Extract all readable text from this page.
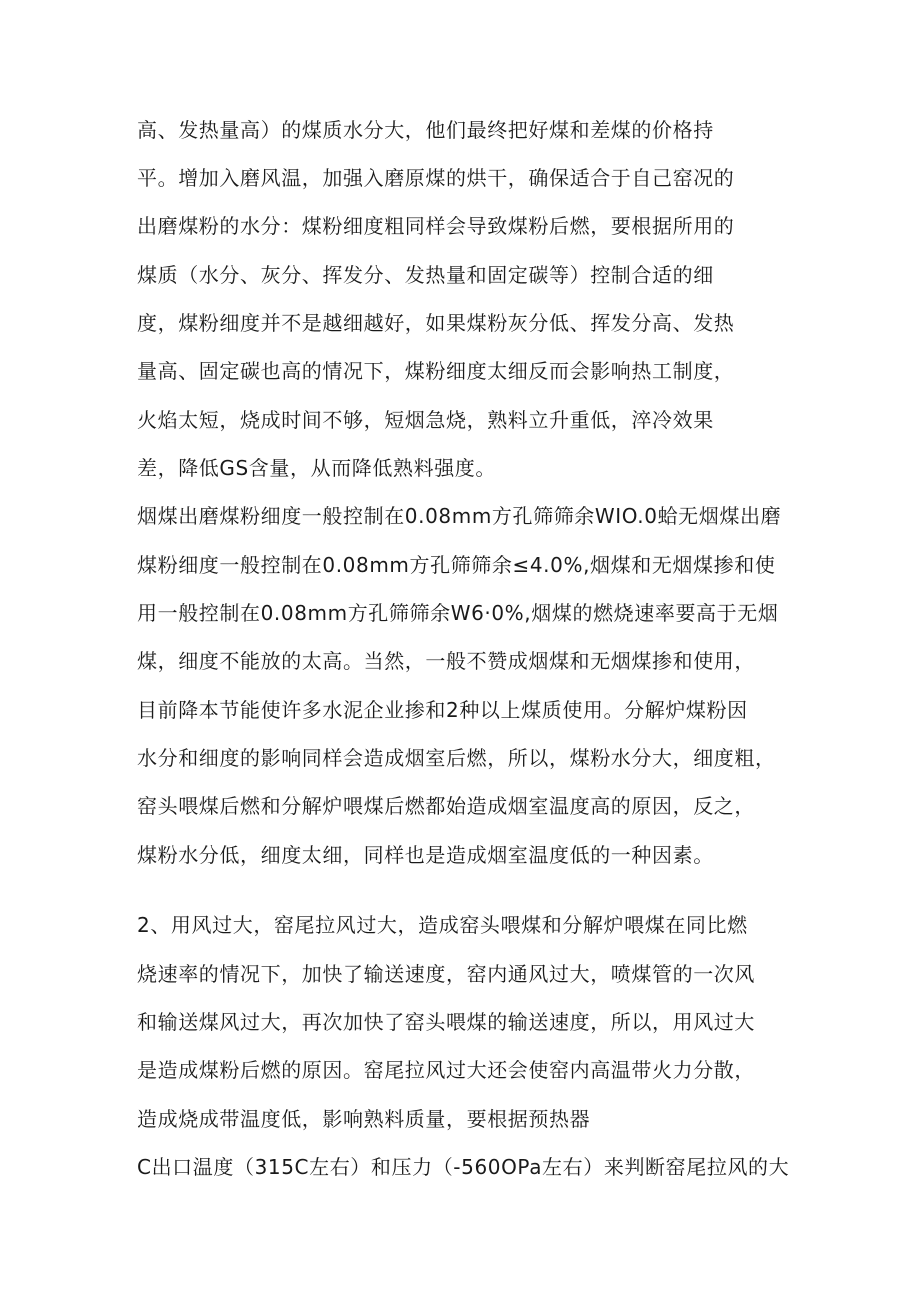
高、发热量高）的煤质水分大，他们最终把好煤和差煤的价格持
平。增加入磨风温，加强入磨原煤的烘干，确保适合于自己窑况的
出磨煤粉的水分：煤粉细度粗同样会导致煤粉后燃，要根据所用的
煤质（水分、灰分、挥发分、发热量和固定碳等）控制合适的细
度，煤粉细度并不是越细越好，如果煤粉灰分低、挥发分高、发热
量高、固定碳也高的情况下，煤粉细度太细反而会影响热工制度，
火焰太短，烧成时间不够，短烟急烧，熟料立升重低，淬冷效果
差，降低GS含量，从而降低熟料强度。
烟煤出磨煤粉细度一般控制在0.08mm方孔筛筛余WIO.0蛤无烟煤出磨
煤粉细度一般控制在0.08mm方孔筛筛余≤4.0%,烟煤和无烟煤掺和使
用一般控制在0.08mm方孔筛筛余W6·0%,烟煤的燃烧速率要高于无烟
煤，细度不能放的太高。当然，一般不赞成烟煤和无烟煤掺和使用，
目前降本节能使许多水泥企业掺和2种以上煤质使用。分解炉煤粉因
水分和细度的影响同样会造成烟室后燃，所以，煤粉水分大，细度粗，
窑头喂煤后燃和分解炉喂煤后燃都始造成烟室温度高的原因，反之，
煤粉水分低，细度太细，同样也是造成烟室温度低的一种因素。
2、用风过大，窑尾拉风过大，造成窑头喂煤和分解炉喂煤在同比燃
烧速率的情况下，加快了输送速度，窑内通风过大，喷煤管的一次风
和输送煤风过大，再次加快了窑头喂煤的输送速度，所以，用风过大
是造成煤粉后燃的原因。窑尾拉风过大还会使窑内高温带火力分散，
造成烧成带温度低，影响熟料质量，要根据预热器
C出口温度（315C左右）和压力（-560OPa左右）来判断窑尾拉风的大
